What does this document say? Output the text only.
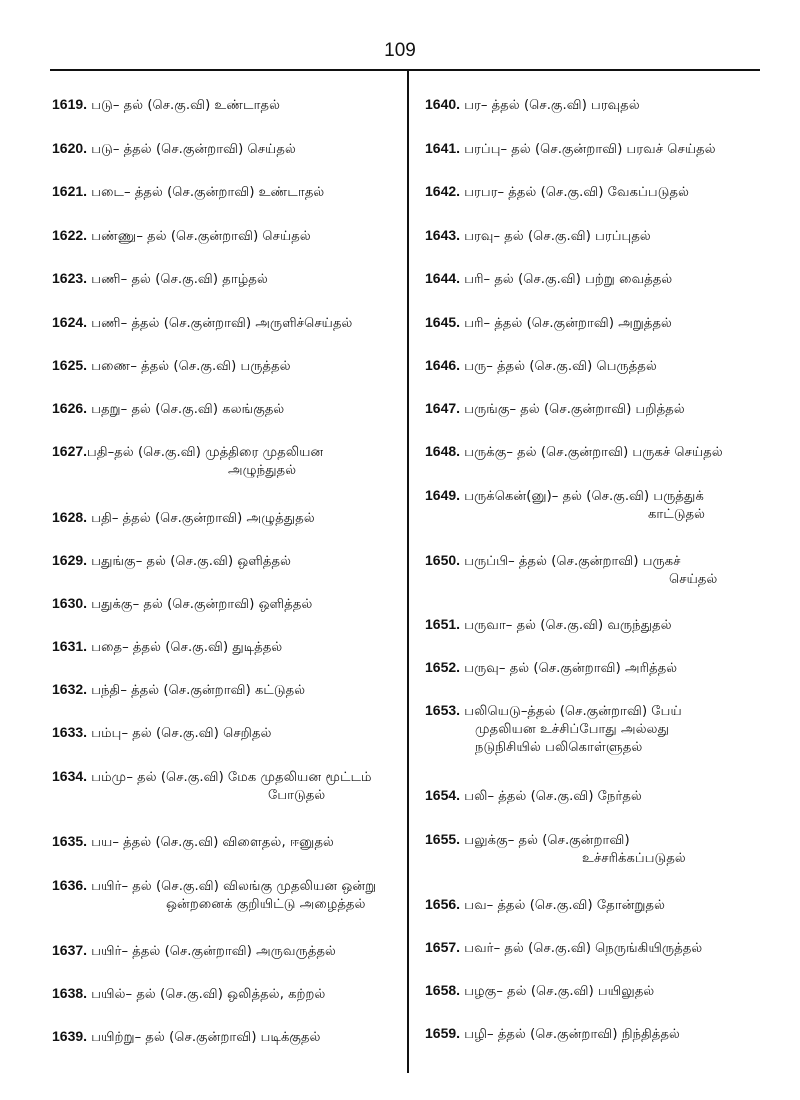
109
1619. படு– தல் (செ.கு.வி) உண்டாதல்
1620. படு– த்தல் (செ.குன்றாவி) செய்தல்
1621. படை– த்தல் (செ.குன்றாவி) உண்டாதல்
1622. பண்ணு– தல் (செ.குன்றாவி) செய்தல்
1623. பணி– தல் (செ.கு.வி) தாழ்தல்
1624. பணி– த்தல் (செ.குன்றாவி) அருளிச்செய்தல்
1625. பணை– த்தல் (செ.கு.வி) பருத்தல்
1626. பதறு– தல் (செ.கு.வி) கலங்குதல்
1627.பதி–தல் (செ.கு.வி) முத்திரை முதலியன
அழுந்துதல்
1628. பதி– த்தல் (செ.குன்றாவி) அழுத்துதல்
1629. பதுங்கு– தல் (செ.கு.வி) ஒளித்தல்
1630. பதுக்கு– தல் (செ.குன்றாவி) ஒளித்தல்
1631. பதை– த்தல் (செ.கு.வி) துடித்தல்
1632. பந்தி– த்தல் (செ.குன்றாவி) கட்டுதல்
1633. பம்பு– தல் (செ.கு.வி) செறிதல்
1634. பம்மு– தல் (செ.கு.வி) மேக முதலியன மூட்டம்
போடுதல்
1635. பய– த்தல் (செ.கு.வி) விளைதல், ஈனுதல்
1636. பயிர்– தல் (செ.கு.வி) விலங்கு முதலியன ஒன்று
ஒன்றனைக் குறியிட்டு அழைத்தல்
1637. பயிர்– த்தல் (செ.குன்றாவி) அருவருத்தல்
1638. பயில்– தல் (செ.கு.வி) ஒலித்தல், கற்றல்
1639. பயிற்று– தல் (செ.குன்றாவி) படிக்குதல்
1640. பர– த்தல் (செ.கு.வி) பரவுதல்
1641. பரப்பு– தல் (செ.குன்றாவி) பரவச் செய்தல்
1642. பரபர– த்தல் (செ.கு.வி) வேகப்படுதல்
1643. பரவு– தல் (செ.கு.வி) பரப்புதல்
1644. பரி– தல் (செ.கு.வி) பற்று வைத்தல்
1645. பரி– த்தல் (செ.குன்றாவி) அறுத்தல்
1646. பரு– த்தல் (செ.கு.வி) பெருத்தல்
1647. பருங்கு– தல் (செ.குன்றாவி) பறித்தல்
1648. பருக்கு– தல் (செ.குன்றாவி) பருகச் செய்தல்
1649. பருக்கென்(னு)– தல் (செ.கு.வி) பருத்துக்
காட்டுதல்
1650. பருப்பி– த்தல் (செ.குன்றாவி) பருகச்
செய்தல்
1651. பருவா– தல் (செ.கு.வி) வருந்துதல்
1652. பருவு– தல் (செ.குன்றாவி) அரித்தல்
1653. பலியெடு–த்தல் (செ.குன்றாவி) பேய்
முதலியன உச்சிப்போது அல்லது
நடுநிசியில் பலிகொள்ளுதல்
1654. பலி– த்தல் (செ.கு.வி) நேர்தல்
1655. பலுக்கு– தல் (செ.குன்றாவி)
உச்சரிக்கப்படுதல்
1656. பவ– த்தல் (செ.கு.வி) தோன்றுதல்
1657. பவர்– தல் (செ.கு.வி) நெருங்கியிருத்தல்
1658. பழகு– தல் (செ.கு.வி) பயிலுதல்
1659. பழி– த்தல் (செ.குன்றாவி) நிந்தித்தல்
